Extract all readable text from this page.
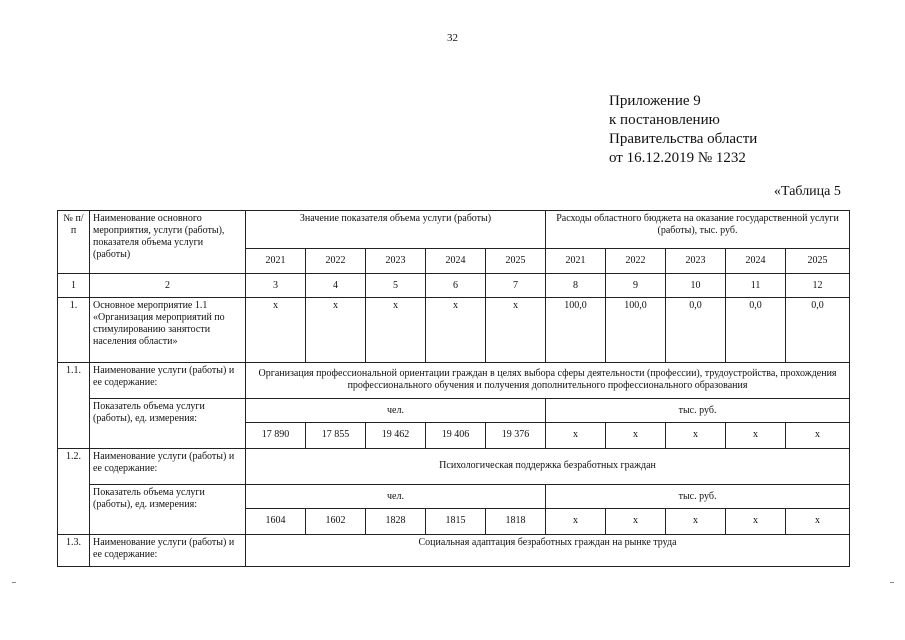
32
Приложение 9
к постановлению
Правительства области
от 16.12.2019 № 1232
«Таблица 5
№ п/п	Наименование основного мероприятия, услуги (работы), показателя объема услуги (работы)	Значение показателя объема услуги (работы)					Расходы областного бюджета на оказание государственной услуги (работы), тыс. руб.				
		2021	2022	2023	2024	2025	2021	2022	2023	2024	2025
1	2	3	4	5	6	7	8	9	10	11	12
1.	Основное мероприятие 1.1 «Организация мероприятий по стимулированию занятости населения области»	х	х	х	х	х	100,0	100,0	0,0	0,0	0,0
1.1.	Наименование услуги (работы) и ее содержание:	Организация профессиональной ориентации граждан в целях выбора сферы деятельности (профессии), трудоустройства, прохождения профессионального обучения и получения дополнительного профессионального образования									
	Показатель объема услуги (работы), ед. измерения:	чел.					тыс. руб.				
		17 890	17 855	19 462	19 406	19 376	х	х	х	х	х
1.2.	Наименование услуги (работы) и ее содержание:	Психологическая поддержка безработных граждан									
	Показатель объема услуги (работы), ед. измерения:	чел.					тыс. руб.				
		1604	1602	1828	1815	1818	х	х	х	х	х
1.3.	Наименование услуги (работы) и ее содержание:	Социальная адаптация безработных граждан на рынке труда									
